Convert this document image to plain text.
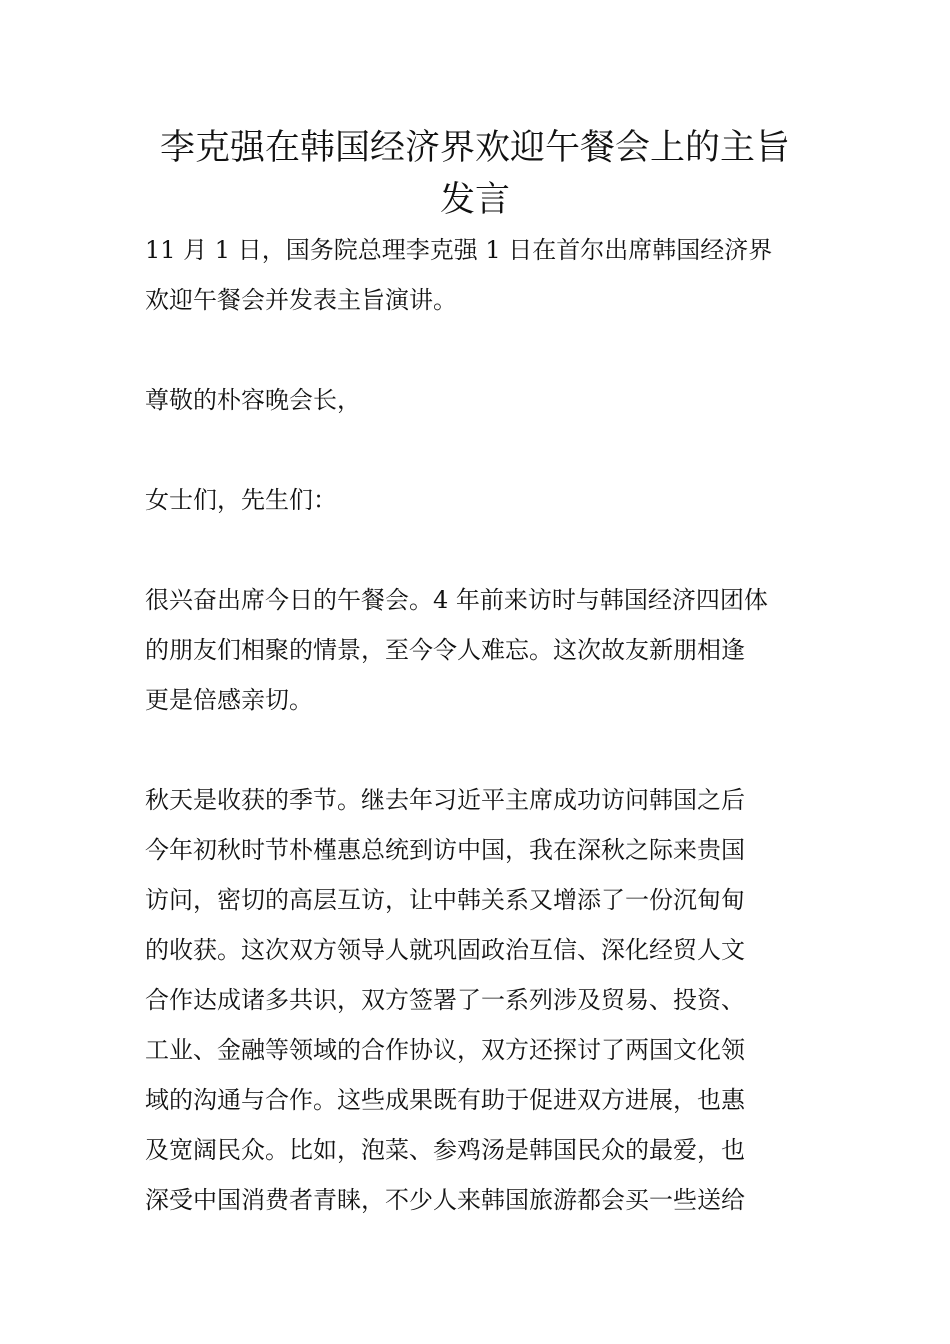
李克强在韩国经济界欢迎午餐会上的主旨
发言
11 月 1 日，国务院总理李克强 1 日在首尔出席韩国经济界
欢迎午餐会并发表主旨演讲。
尊敬的朴容晚会长，
女士们，先生们：
很兴奋出席今日的午餐会。4 年前来访时与韩国经济四团体
的朋友们相聚的情景，至今令人难忘。这次故友新朋相逢
更是倍感亲切。
秋天是收获的季节。继去年习近平主席成功访问韩国之后
今年初秋时节朴槿惠总统到访中国，我在深秋之际来贵国
访问，密切的高层互访，让中韩关系又增添了一份沉甸甸
的收获。这次双方领导人就巩固政治互信、深化经贸人文
合作达成诸多共识，双方签署了一系列涉及贸易、投资、
工业、金融等领域的合作协议，双方还探讨了两国文化领
域的沟通与合作。这些成果既有助于促进双方进展，也惠
及宽阔民众。比如，泡菜、参鸡汤是韩国民众的最爱，也
深受中国消费者青睐，不少人来韩国旅游都会买一些送给
